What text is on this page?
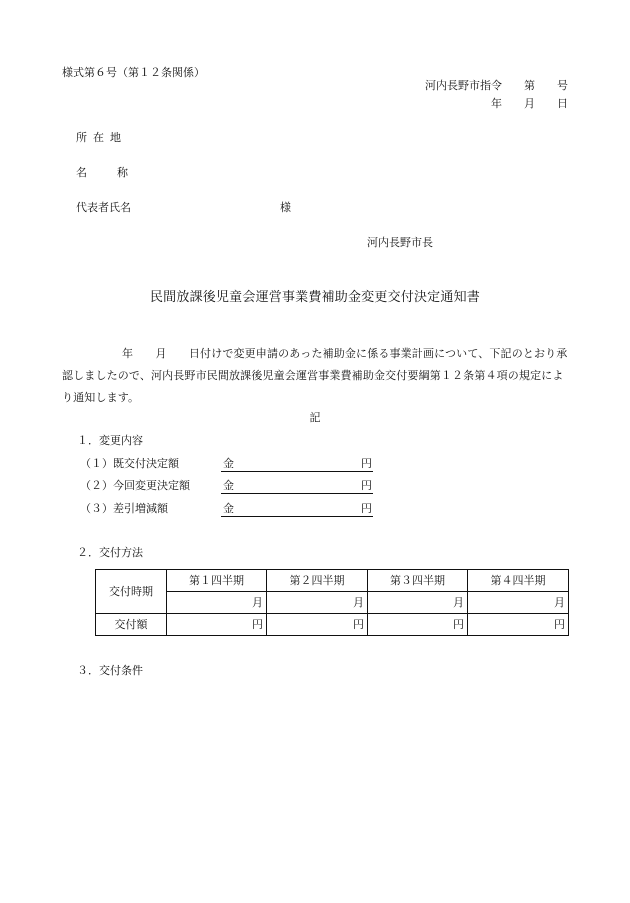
様式第６号（第１２条関係）
河内長野市指令　　第　　号
年　　月　　日
所在地
名称
代表者氏名	様
河内長野市長
民間放課後児童会運営事業費補助金変更交付決定通知書
年　　月　　日付けで変更申請のあった補助金に係る事業計画について、下記のとおり承認しましたので、河内長野市民間放課後児童会運営事業費補助金交付要綱第１２条第４項の規定により通知します。
記
１．変更内容
（１）既交付決定額	金	円
（２）今回変更決定額	金	円
（３）差引増減額	金	円
２．交付方法
交付時期	第１四半期	第２四半期	第３四半期	第４四半期
	月	月	月	月
交付額	円	円	円	円
３．交付条件
